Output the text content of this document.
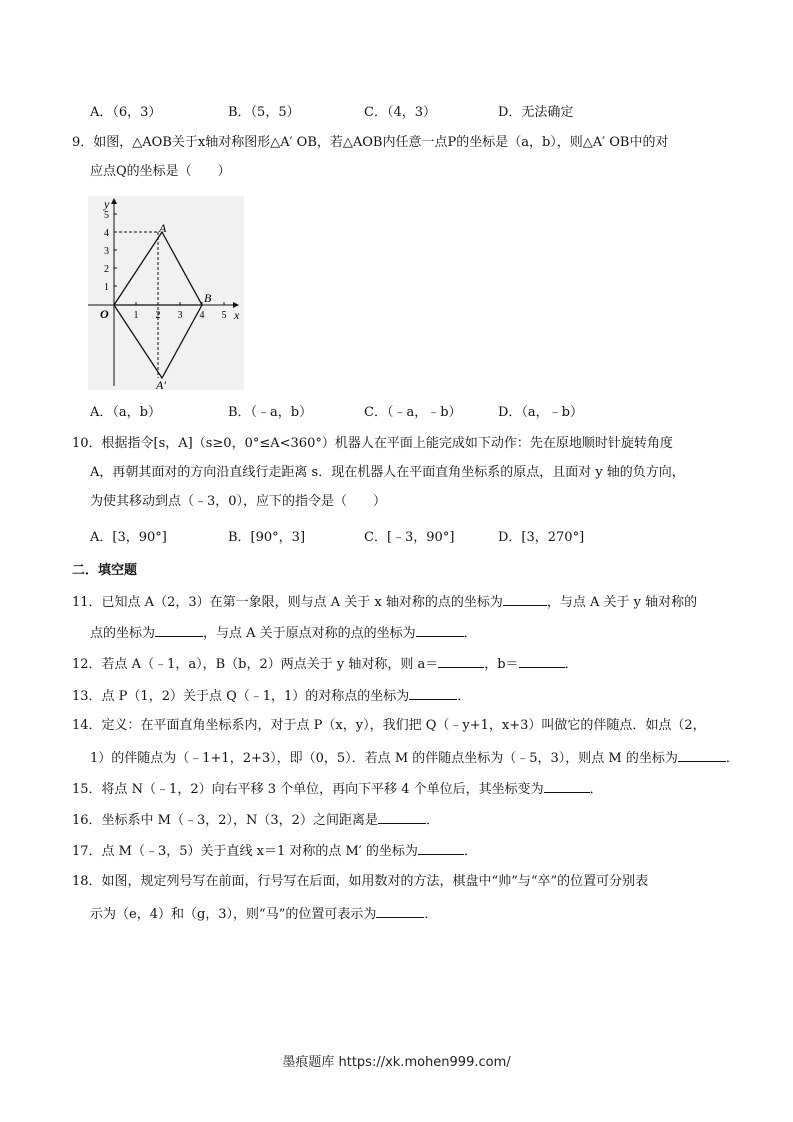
A．（6，3）	B．（5，5）	C．（4，3）	D．无法确定
9．如图，△AOB关于x轴对称图形△A′ OB，若△AOB内任意一点P的坐标是（a，b），则△A′ OB中的对
应点Q的坐标是（　　）
y
x
O
A
B
A′
1 2 3 4 5
5
4
3
2
1
A．（a，b）	B．（﹣a，b）	C．（﹣a，﹣b）	D．（a，﹣b）
10．根据指令[s，A]（s≥0，0°≤A<360°）机器人在平面上能完成如下动作：先在原地顺时针旋转角度
A，再朝其面对的方向沿直线行走距离 s．现在机器人在平面直角坐标系的原点，且面对 y 轴的负方向，
为使其移动到点（﹣3，0），应下的指令是（　　）
A．[3，90°]	B．[90°，3]	C．[﹣3，90°]	D．[3，270°]
二．填空题
11．已知点 A（2，3）在第一象限，则与点 A 关于 x 轴对称的点的坐标为	，与点 A 关于 y 轴对称的
点的坐标为	，与点 A 关于原点对称的点的坐标为	．
12．若点 A（﹣1，a），B（b，2）两点关于 y 轴对称，则 a＝	，b＝	．
13．点 P（1，2）关于点 Q（﹣1，1）的对称点的坐标为	．
14．定义：在平面直角坐标系内，对于点 P（x，y），我们把 Q（﹣y+1，x+3）叫做它的伴随点．如点（2，
1）的伴随点为（﹣1+1，2+3），即（0，5）．若点 M 的伴随点坐标为（﹣5，3），则点 M 的坐标为	．
15．将点 N（﹣1，2）向右平移 3 个单位，再向下平移 4 个单位后，其坐标变为	．
16．坐标系中 M（﹣3，2），N（3，2）之间距离是	．
17．点 M（﹣3，5）关于直线 x＝1 对称的点 M′ 的坐标为	．
18．如图，规定列号写在前面，行号写在后面，如用数对的方法，棋盘中“帅”与“卒”的位置可分别表
示为（e，4）和（g，3），则“马”的位置可表示为	．
墨痕题库 https://xk.mohen999.com/
